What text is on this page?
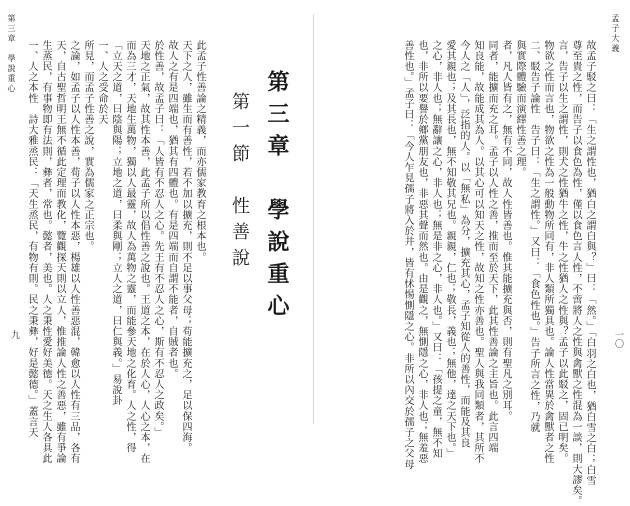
第三章　學說重心
九
此孟子性善論之精義，而亦儒家教育之根本也。
天下之人，雖生而有善性，若不加以擴充，則不足以事父母；苟能擴充之，足以保四海。
故人之有是四端也，猶其有四體也。有是四端而自謂不能者，自賊者也。
於性善，故孟子曰：「人皆有不忍人之心。先王有不忍人之心，斯有不忍人之政矣。」
天地之正氣，故其性本善，此孟子所以倡性善之說也。王道之本，在於人心，人心之本，在
而為三才，天地生萬物，獨以人最靈，故人為萬物之靈，而能參天地之化育。人之性，得
「立天之道，曰陰與陽；立地之道，曰柔與剛；立人之道，曰仁與義。」易說卦
一、人之受命於天
所見，而孟子性善之說，實為儒家之正宗也。
之論，如孟子以人性本善，荀子以人性本惡，楊雄以人性善惡混，韓愈以人性有三品，各有
天，自古聖哲明王無不循此定理而教化，覽觀探天則以立人，惟推論人性之善惡，雖有爭論
生蒸民，有事物即有法則，彝者，常也。懿者，美也。人之秉性愛好美德。天之生人各具此
一、人之本性　詩大雅烝民：「天生烝民，有物有則。民之秉彝，好是懿德。」蓋言天	第一節　性善說 第三章　學說重心	故孟子駁之曰：「生之謂性也，猶白之謂白與？」曰：「然。」「白羽之白也，猶白雪之白；白雪
尊至貴之性，而告子以食色為性，僅以食色言人性，不啻將人之性與禽獸之性混為一談，則大謬矣。
言，告子以生之謂性，則犬之性猶牛之性，牛之性猶人之性與？孟子以此駁之，固已明矣。
物欲之性而言也，物欲之性為一般動物所同有，非人類所獨具也。論人性當異於禽獸者之性
二、駁告子論性　告子曰：「生之謂性。」又曰：「食色性也。」告子所言之性，乃就
與實際體驗而演繹性善之理。
者，凡人皆有之，無有不同，故人性皆善也。惟其能擴充與否，則有聖凡之別耳。
同者，能擴而充之耳。孟子以人性之善，推而至於天下，此其性善論之主旨也。此言四端
知良能，故能成其為人。以其心可以知天之性，故知之性亦善也。聖人與我同類者，其所不
今人之「人」，泛指的人。以「無私」為分，擴充其心，孟子知從人的善性，而能及其良
愛其親也；及其長也，無不知敬其兄也。親親，仁也；敬長，義也；無他，達之天下也。」
之心，非人也；無辭讓之心，非人也；無是非之心，非人也。」又曰：「孩提之童，無不知
也，非所以要譽於鄉黨朋友也，非惡其聲而然也。由是觀之，無惻隱之心，非人也；無羞惡
善性也。」孟子曰：「今人乍見孺子將入於井，皆有怵惕惻隱之心。非所以內交於孺子之父母
孟子大義
一〇
